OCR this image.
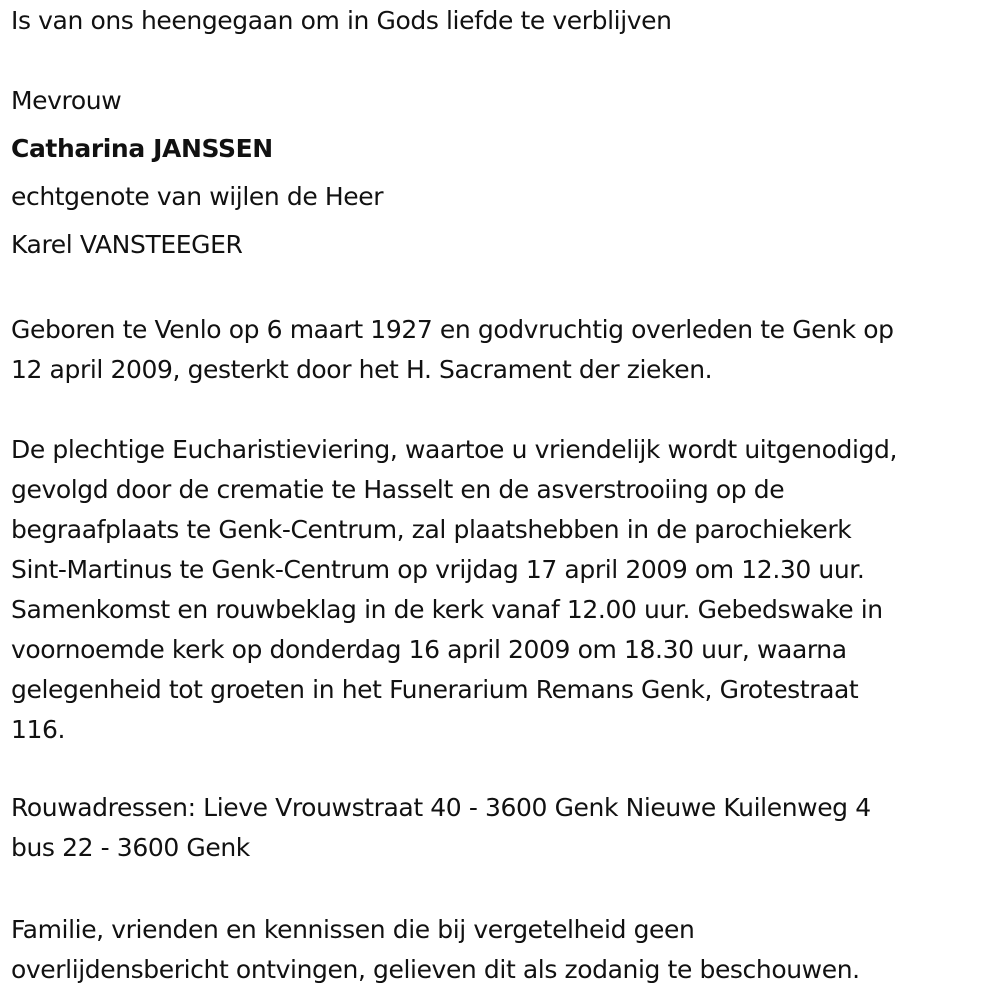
Is van ons heengegaan om in Gods liefde te verblijven
Mevrouw
Catharina JANSSEN
echtgenote van wijlen de Heer
Karel VANSTEEGER
Geboren te Venlo op 6 maart 1927 en godvruchtig overleden te Genk op
12 april 2009, gesterkt door het H. Sacrament der zieken.
De plechtige Eucharistieviering, waartoe u vriendelijk wordt uitgenodigd,
gevolgd door de crematie te Hasselt en de asverstrooiing op de
begraafplaats te Genk-Centrum, zal plaatshebben in de parochiekerk
Sint-Martinus te Genk-Centrum op vrijdag 17 april 2009 om 12.30 uur.
Samenkomst en rouwbeklag in de kerk vanaf 12.00 uur. Gebedswake in
voornoemde kerk op donderdag 16 april 2009 om 18.30 uur, waarna
gelegenheid tot groeten in het Funerarium Remans Genk, Grotestraat
116.
Rouwadressen: Lieve Vrouwstraat 40 - 3600 Genk Nieuwe Kuilenweg 4
bus 22 - 3600 Genk
Familie, vrienden en kennissen die bij vergetelheid geen
overlijdensbericht ontvingen, gelieven dit als zodanig te beschouwen.
